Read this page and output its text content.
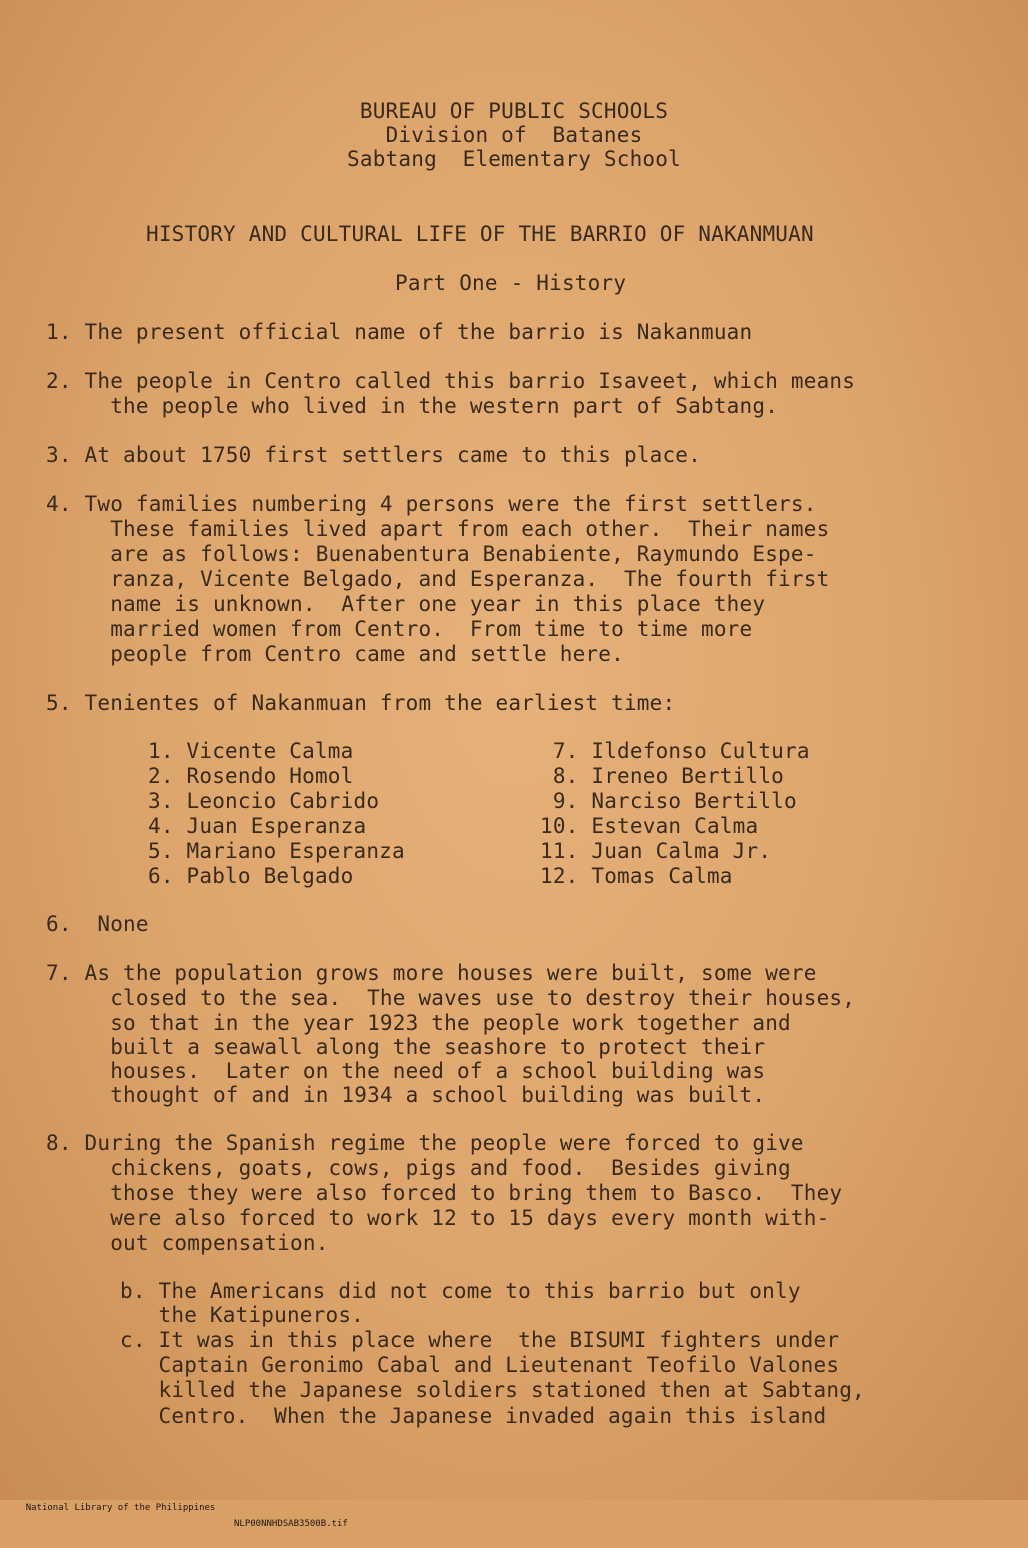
BUREAU OF PUBLIC SCHOOLS
Division of  Batanes
Sabtang  Elementary School
HISTORY AND CULTURAL LIFE OF THE BARRIO OF NAKANMUAN
Part One - History
1. The present official name of the barrio is Nakanmuan
2. The people in Centro called this barrio Isaveet, which means
the people who lived in the western part of Sabtang.
3. At about 1750 first settlers came to this place.
4. Two families numbering 4 persons were the first settlers.
These families lived apart from each other.  Their names
are as follows: Buenabentura Benabiente, Raymundo Espe-
ranza, Vicente Belgado, and Esperanza.  The fourth first
name is unknown.  After one year in this place they
married women from Centro.  From time to time more
people from Centro came and settle here.
5. Tenientes of Nakanmuan from the earliest time:
1. Vicente Calma
2. Rosendo Homol
3. Leoncio Cabrido
4. Juan Esperanza
5. Mariano Esperanza
6. Pablo Belgado
7. Ildefonso Cultura
8. Ireneo Bertillo
9. Narciso Bertillo
10. Estevan Calma
11. Juan Calma Jr.
12. Tomas Calma
6.  None
7. As the population grows more houses were built, some were
closed to the sea.  The waves use to destroy their houses,
so that in the year 1923 the people work together and
built a seawall along the seashore to protect their
houses.  Later on the need of a school building was
thought of and in 1934 a school building was built.
8. During the Spanish regime the people were forced to give
chickens, goats, cows, pigs and food.  Besides giving
those they were also forced to bring them to Basco.  They
were also forced to work 12 to 15 days every month with-
out compensation.
b. The Americans did not come to this barrio but only
the Katipuneros.
c. It was in this place where  the BISUMI fighters under
Captain Geronimo Cabal and Lieutenant Teofilo Valones
killed the Japanese soldiers stationed then at Sabtang,
Centro.  When the Japanese invaded again this island

National Library of the Philippines

NLP00NNHDSAB3500B.tif
